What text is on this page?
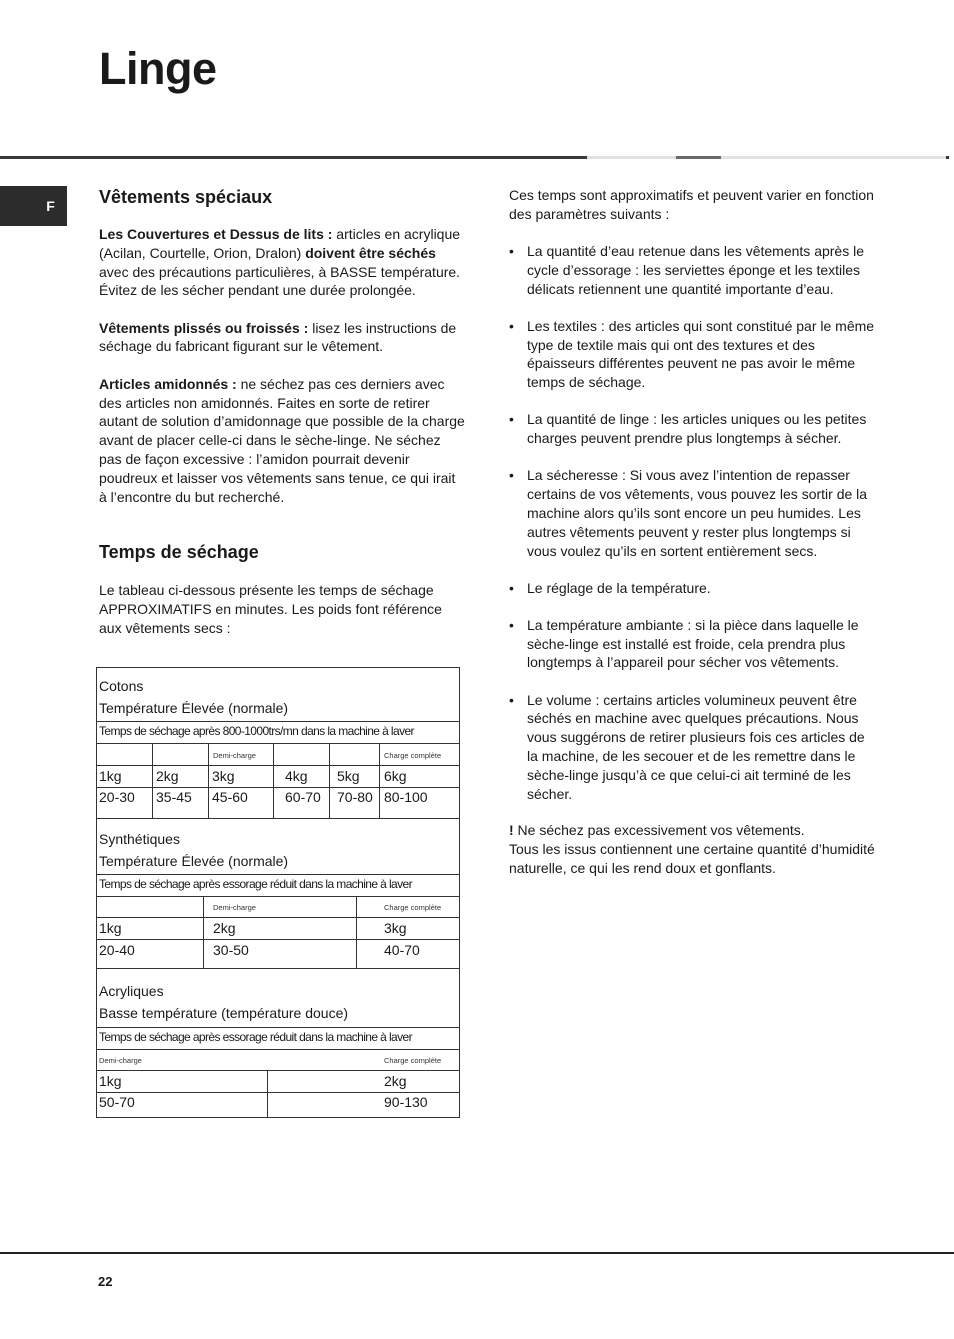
Linge
F	Vêtements spéciaux

Les Couvertures et Dessus de lits : articles en acrylique (Acilan, Courtelle, Orion, Dralon) doivent être séchés avec des précautions particulières, à BASSE température. Évitez de les sécher pendant une durée prolongée.

Vêtements plissés ou froissés : lisez les instructions de séchage du fabricant figurant sur le vêtement.

Articles amidonnés : ne séchez pas ces derniers avec des articles non amidonnés. Faites en sorte de retirer autant de solution d’amidonnage que possible de la charge avant de placer celle-ci dans le sèche-linge. Ne séchez pas de façon excessive : l’amidon pourrait devenir poudreux et laisser vos vêtements sans tenue, ce qui irait à l’encontre du but recherché.

Temps de séchage

Le tableau ci-dessous présente les temps de séchage APPROXIMATIFS en minutes. Les poids font référence aux vêtements secs :

Cotons
Température Élevée (normale)
Temps de séchage après 800-1000trs/mn dans la machine à laver
Demi-charge	Charge complète
1kg 2kg 3kg	4kg 5kg 6kg
20-30 35-45 45-60	60-70 70-80 80-100
Synthétiques
Température Élevée (normale)
Temps de séchage après essorage réduit dans la machine à laver
Demi-charge	Charge complète
1kg	2kg	3kg
20-40	30-50	40-70
Acryliques
Basse température (température douce)
Temps de séchage après essorage réduit dans la machine à laver
Demi-charge	Charge complète
1kg	2kg
50-70	90-130

Ces temps sont approximatifs et peuvent varier en fonction des paramètres suivants :

• La quantité d’eau retenue dans les vêtements après le cycle d’essorage : les serviettes éponge et les textiles délicats retiennent une quantité importante d’eau.
• Les textiles : des articles qui sont constitué par le même type de textile mais qui ont des textures et des épaisseurs différentes peuvent ne pas avoir le même temps de séchage.
• La quantité de linge : les articles uniques ou les petites charges peuvent prendre plus longtemps à sécher.
• La sécheresse : Si vous avez l’intention de repasser certains de vos vêtements, vous pouvez les sortir de la machine alors qu’ils sont encore un peu humides. Les autres vêtements peuvent y rester plus longtemps si vous voulez qu’ils en sortent entièrement secs.
• Le réglage de la température.
• La température ambiante : si la pièce dans laquelle le sèche-linge est installé est froide, cela prendra plus longtemps à l’appareil pour sécher vos vêtements.
• Le volume : certains articles volumineux peuvent être séchés en machine avec quelques précautions. Nous vous suggérons de retirer plusieurs fois ces articles de la machine, de les secouer et de les remettre dans le sèche-linge jusqu’à ce que celui-ci ait terminé de les sécher.

! Ne séchez pas excessivement vos vêtements.
Tous les issus contiennent une certaine quantité d’humidité naturelle, ce qui les rend doux et gonflants.

22
